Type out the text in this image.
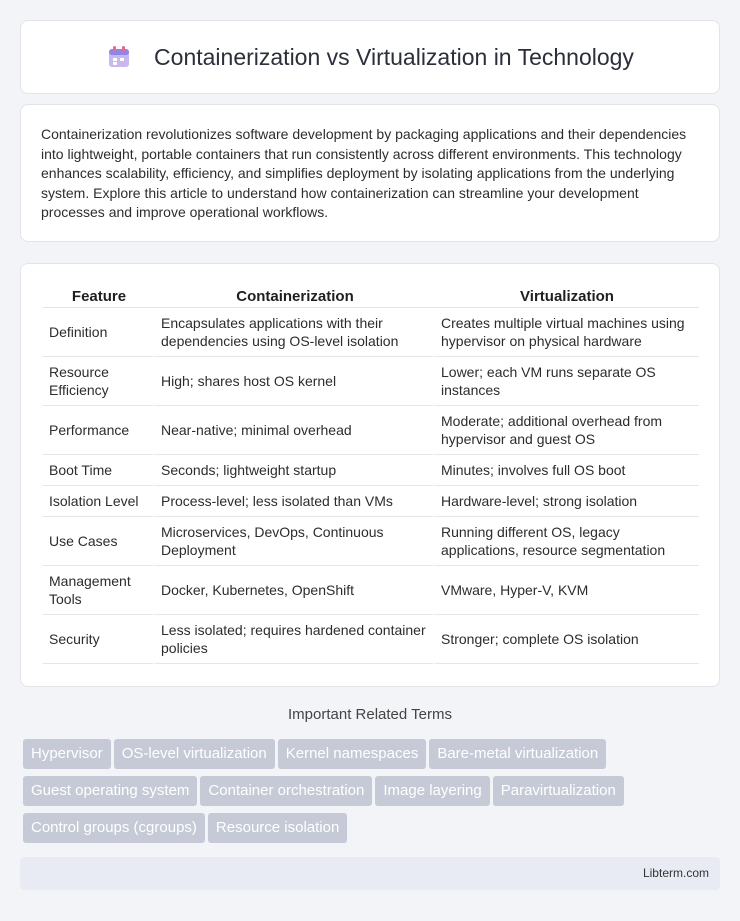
Containerization vs Virtualization in Technology

Containerization revolutionizes software development by packaging applications and their dependencies into lightweight, portable containers that run consistently across different environments. This technology enhances scalability, efficiency, and simplifies deployment by isolating applications from the underlying system. Explore this article to understand how containerization can streamline your development processes and improve operational workflows.

Feature	Containerization	Virtualization
Definition	Encapsulates applications with their dependencies using OS-level isolation	Creates multiple virtual machines using hypervisor on physical hardware
Resource Efficiency	High; shares host OS kernel	Lower; each VM runs separate OS instances
Performance	Near-native; minimal overhead	Moderate; additional overhead from hypervisor and guest OS
Boot Time	Seconds; lightweight startup	Minutes; involves full OS boot
Isolation Level	Process-level; less isolated than VMs	Hardware-level; strong isolation
Use Cases	Microservices, DevOps, Continuous Deployment	Running different OS, legacy applications, resource segmentation
Management Tools	Docker, Kubernetes, OpenShift	VMware, Hyper-V, KVM
Security	Less isolated; requires hardened container policies	Stronger; complete OS isolation
Important Related Terms
Hypervisor OS-level virtualization Kernel namespaces Bare-metal virtualization
Guest operating system Container orchestration Image layering Paravirtualization
Control groups (cgroups) Resource isolation
Libterm.com
